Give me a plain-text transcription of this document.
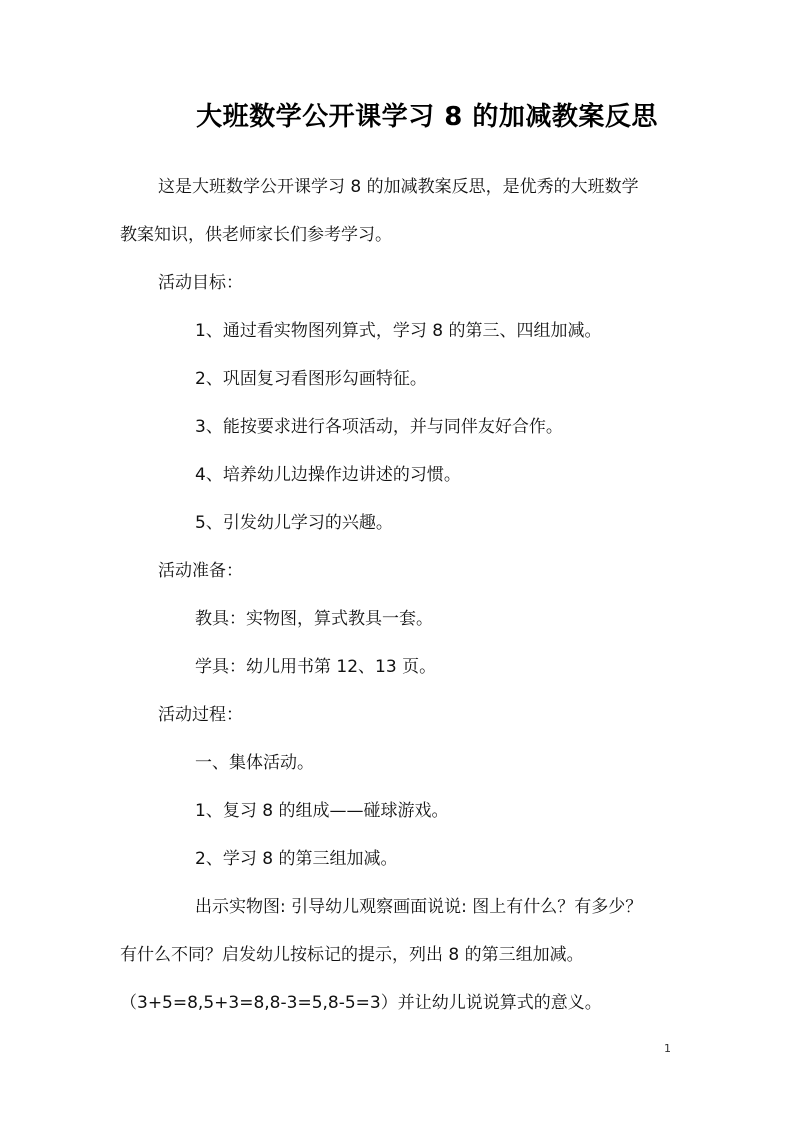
大班数学公开课学习 8 的加减教案反思
这是大班数学公开课学习 8 的加减教案反思，是优秀的大班数学
教案知识，供老师家长们参考学习。
活动目标：
1、通过看实物图列算式，学习 8 的第三、四组加减。
2、巩固复习看图形勾画特征。
3、能按要求进行各项活动，并与同伴友好合作。
4、培养幼儿边操作边讲述的习惯。
5、引发幼儿学习的兴趣。
活动准备：
教具：实物图，算式教具一套。
学具：幼儿用书第 12、13 页。
活动过程：
一、集体活动。
1、复习 8 的组成——碰球游戏。
2、学习 8 的第三组加减。
出示实物图: 引导幼儿观察画面说说: 图上有什么？有多少？
有什么不同？启发幼儿按标记的提示，列出 8 的第三组加减。
（3+5=8,5+3=8,8-3=5,8-5=3）并让幼儿说说算式的意义。
1
